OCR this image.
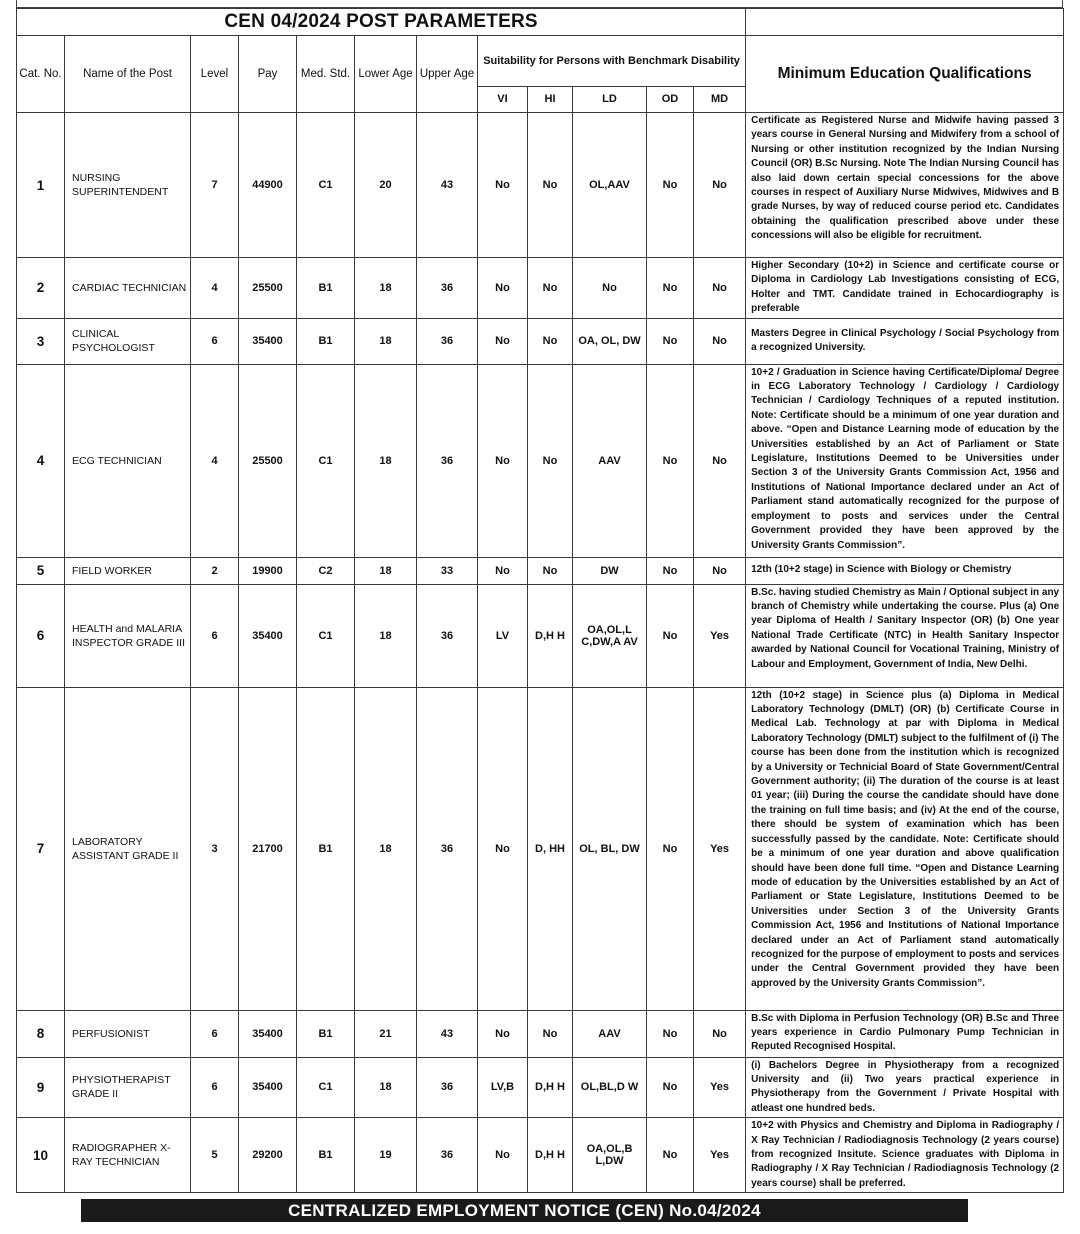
CEN 04/2024 POST PARAMETERS												
Cat. No.	Name of the Post	Level	Pay	Med. Std.	Lower Age	Upper Age	Suitability for Persons with Benchmark Disability					Minimum Education Qualifications
							VI	HI	LD	OD	MD	
1	NURSING SUPERINTENDENT	7	44900	C1	20	43	No	No	OL,AAV	No	No	Certificate as Registered Nurse and Midwife having passed 3 years course in General Nursing and Midwifery from a school of Nursing or other institution recognized by the Indian Nursing Council (OR) B.Sc Nursing. Note The Indian Nursing Council has also laid down certain special concessions for the above courses in respect of Auxiliary Nurse Midwives, Midwives and B grade Nurses, by way of reduced course period etc. Candidates obtaining the qualification prescribed above under these concessions will also be eligible for recruitment.
2	CARDIAC TECHNICIAN	4	25500	B1	18	36	No	No	No	No	No	Higher Secondary (10+2) in Science and certificate course or Diploma in Cardiology Lab Investigations consisting of ECG, Holter and TMT. Candidate trained in Echocardiography is preferable
3	CLINICAL PSYCHOLOGIST	6	35400	B1	18	36	No	No	OA, OL, DW	No	No	Masters Degree in Clinical Psychology / Social Psychology from a recognized University.
4	ECG TECHNICIAN	4	25500	C1	18	36	No	No	AAV	No	No	10+2 / Graduation in Science having Certificate/Diploma/ Degree in ECG Laboratory Technology / Cardiology / Cardiology Technician / Cardiology Techniques of a reputed institution. Note: Certificate should be a minimum of one year duration and above. “Open and Distance Learning mode of education by the Universities established by an Act of Parliament or State Legislature, Institutions Deemed to be Universities under Section 3 of the University Grants Commission Act, 1956 and Institutions of National Importance declared under an Act of Parliament stand automatically recognized for the purpose of employment to posts and services under the Central Government provided they have been approved by the University Grants Commission”.
5	FIELD WORKER	2	19900	C2	18	33	No	No	DW	No	No	12th (10+2 stage) in Science with Biology or Chemistry
6	HEALTH and MALARIA INSPECTOR GRADE III	6	35400	C1	18	36	LV	D,H H	OA,OL,L C,DW,A AV	No	Yes	B.Sc. having studied Chemistry as Main / Optional subject in any branch of Chemistry while undertaking the course. Plus (a) One year Diploma of Health / Sanitary Inspector (OR) (b) One year National Trade Certificate (NTC) in Health Sanitary Inspector awarded by National Council for Vocational Training, Ministry of Labour and Employment, Government of India, New Delhi.
7	LABORATORY ASSISTANT GRADE II	3	21700	B1	18	36	No	D, HH	OL, BL, DW	No	Yes	12th (10+2 stage) in Science plus (a) Diploma in Medical Laboratory Technology (DMLT) (OR) (b) Certificate Course in Medical Lab. Technology at par with Diploma in Medical Laboratory Technology (DMLT) subject to the fulfilment of (i) The course has been done from the institution which is recognized by a University or Technicial Board of State Government/Central Government authority; (ii) The duration of the course is at least 01 year; (iii) During the course the candidate should have done the training on full time basis; and (iv) At the end of the course, there should be system of examination which has been successfully passed by the candidate. Note: Certificate should be a minimum of one year duration and above qualification should have been done full time. “Open and Distance Learning mode of education by the Universities established by an Act of Parliament or State Legislature, Institutions Deemed to be Universities under Section 3 of the University Grants Commission Act, 1956 and Institutions of National Importance declared under an Act of Parliament stand automatically recognized for the purpose of employment to posts and services under the Central Government provided they have been approved by the University Grants Commission”.
8	PERFUSIONIST	6	35400	B1	21	43	No	No	AAV	No	No	B.Sc with Diploma in Perfusion Technology (OR) B.Sc and Three years experience in Cardio Pulmonary Pump Technician in Reputed Recognised Hospital.
9	PHYSIOTHERAPIST GRADE II	6	35400	C1	18	36	LV,B	D,H H	OL,BL,D W	No	Yes	(i) Bachelors Degree in Physiotherapy from a recognized University and (ii) Two years practical experience in Physiotherapy from the Government / Private Hospital with atleast one hundred beds.
10	RADIOGRAPHER X-RAY TECHNICIAN	5	29200	B1	19	36	No	D,H H	OA,OL,B L,DW	No	Yes	10+2 with Physics and Chemistry and Diploma in Radiography / X Ray Technician / Radiodiagnosis Technology (2 years course) from recognized Insitute. Science graduates with Diploma in Radiography / X Ray Technician / Radiodiagnosis Technology (2 years course) shall be preferred.
CENTRALIZED EMPLOYMENT NOTICE (CEN) No.04/2024
